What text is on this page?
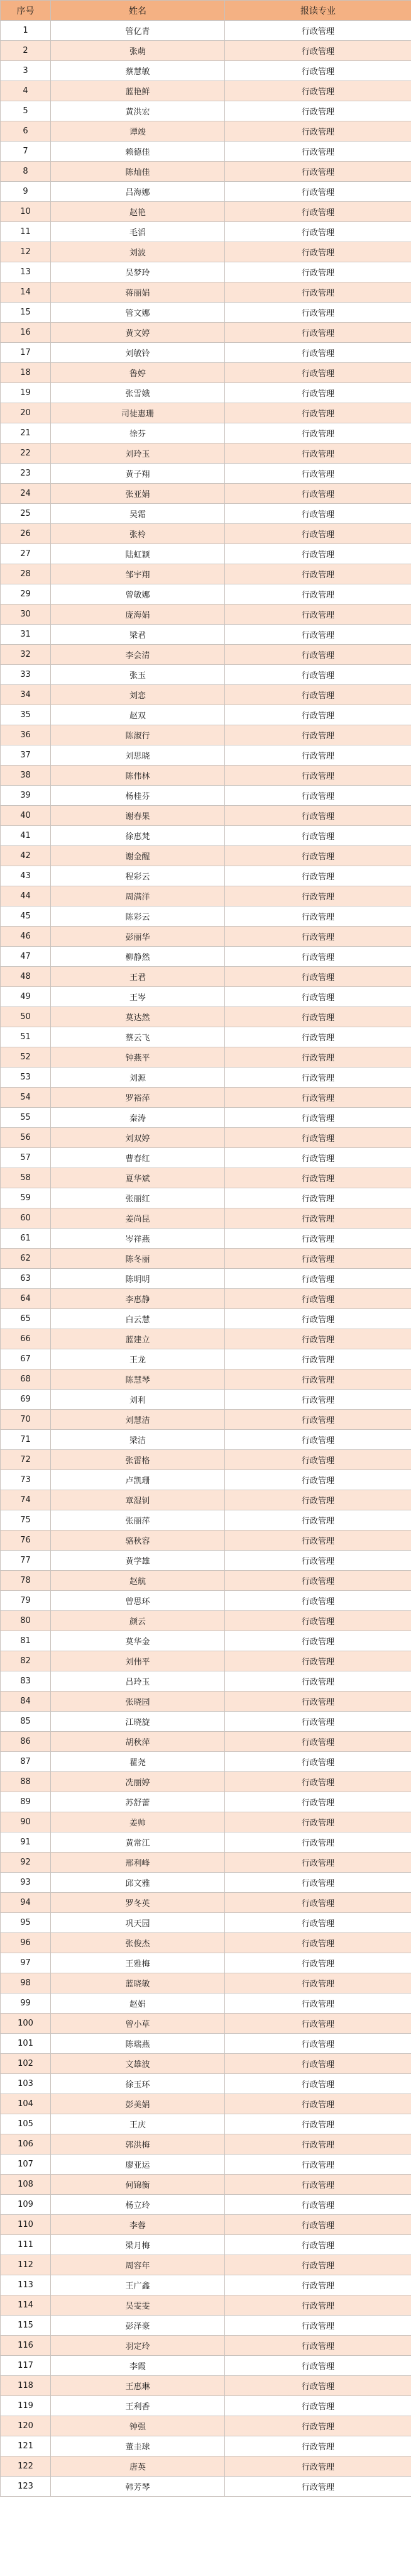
序号	姓名	报读专业
1	管亿青	行政管理
2	张萌	行政管理
3	蔡慧敏	行政管理
4	蓝艳鲜	行政管理
5	黄洪宏	行政管理
6	谭竣	行政管理
7	赖德佳	行政管理
8	陈灿佳	行政管理
9	吕海娜	行政管理
10	赵艳	行政管理
11	毛滔	行政管理
12	刘波	行政管理
13	吴梦玲	行政管理
14	蒋丽娟	行政管理
15	管文娜	行政管理
16	黄文婷	行政管理
17	刘敏铃	行政管理
18	鲁婷	行政管理
19	张雪娥	行政管理
20	司徒惠珊	行政管理
21	徐芬	行政管理
22	刘玲玉	行政管理
23	黄子翔	行政管理
24	张亚娟	行政管理
25	吴霜	行政管理
26	张柃	行政管理
27	陆虹颖	行政管理
28	邹宇翔	行政管理
29	曾敏娜	行政管理
30	庞海娟	行政管理
31	梁君	行政管理
32	李会清	行政管理
33	张玉	行政管理
34	刘恋	行政管理
35	赵双	行政管理
36	陈淑行	行政管理
37	刘思晓	行政管理
38	陈伟林	行政管理
39	杨桂芬	行政管理
40	谢春果	行政管理
41	徐惠梵	行政管理
42	谢金醒	行政管理
43	程彩云	行政管理
44	周满洋	行政管理
45	陈彩云	行政管理
46	彭丽华	行政管理
47	柳静然	行政管理
48	王君	行政管理
49	王岑	行政管理
50	莫达然	行政管理
51	蔡云飞	行政管理
52	钟燕平	行政管理
53	刘源	行政管理
54	罗裕萍	行政管理
55	秦涛	行政管理
56	刘双婷	行政管理
57	曹春红	行政管理
58	夏华斌	行政管理
59	张丽红	行政管理
60	姜尚昆	行政管理
61	岑祥燕	行政管理
62	陈冬丽	行政管理
63	陈明明	行政管理
64	李惠静	行政管理
65	白云慧	行政管理
66	蓝建立	行政管理
67	王龙	行政管理
68	陈慧琴	行政管理
69	刘利	行政管理
70	刘慧洁	行政管理
71	梁洁	行政管理
72	张雷格	行政管理
73	卢凯珊	行政管理
74	章湿钊	行政管理
75	张丽萍	行政管理
76	骆秋容	行政管理
77	黄学雄	行政管理
78	赵航	行政管理
79	曾思环	行政管理
80	颜云	行政管理
81	莫华金	行政管理
82	刘伟平	行政管理
83	吕玲玉	行政管理
84	张晓园	行政管理
85	江晓旋	行政管理
86	胡秋萍	行政管理
87	瞿尧	行政管理
88	冼丽婷	行政管理
89	苏舒蕾	行政管理
90	姜帅	行政管理
91	黄常江	行政管理
92	邢利峰	行政管理
93	邱文雅	行政管理
94	罗冬英	行政管理
95	巩天园	行政管理
96	张俊杰	行政管理
97	王雅梅	行政管理
98	蓝晓敏	行政管理
99	赵娟	行政管理
100	曾小草	行政管理
101	陈瑞燕	行政管理
102	文雄波	行政管理
103	徐玉环	行政管理
104	彭美娟	行政管理
105	王庆	行政管理
106	郭洪梅	行政管理
107	廖亚运	行政管理
108	何锦衡	行政管理
109	杨立玲	行政管理
110	李蓉	行政管理
111	梁月梅	行政管理
112	周容年	行政管理
113	王广鑫	行政管理
114	吴雯雯	行政管理
115	彭泽豪	行政管理
116	羽定玲	行政管理
117	李霞	行政管理
118	王惠琳	行政管理
119	王利香	行政管理
120	钟强	行政管理
121	董圭球	行政管理
122	唐英	行政管理
123	韩芳琴	行政管理
